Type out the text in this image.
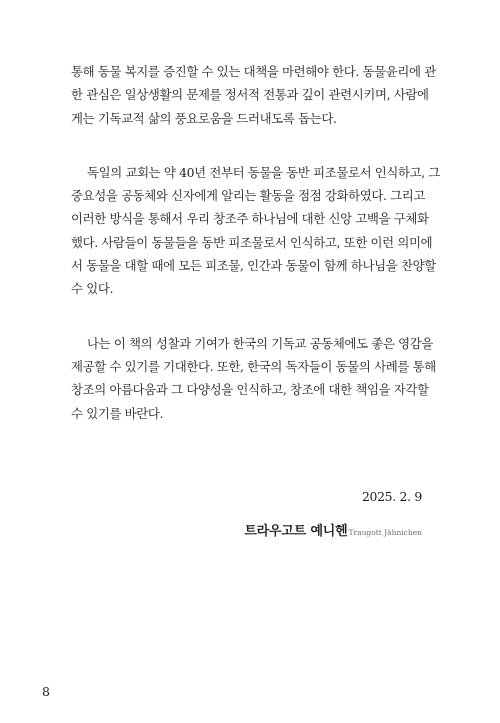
통해 동물 복지를 증진할 수 있는 대책을 마련해야 한다. 동물윤리에 관
한 관심은 일상생활의 문제를 정서적 전통과 깊이 관련시키며, 사람에
게는 기독교적 삶의 풍요로움을 드러내도록 돕는다.
독일의 교회는 약 40년 전부터 동물을 동반 피조물로서 인식하고, 그
중요성을 공동체와 신자에게 알리는 활동을 점점 강화하였다. 그리고
이러한 방식을 통해서 우리 창조주 하나님에 대한 신앙 고백을 구체화
했다. 사람들이 동물들을 동반 피조물로서 인식하고, 또한 이런 의미에
서 동물을 대할 때에 모든 피조물, 인간과 동물이 함께 하나님을 찬양할
수 있다.
나는 이 책의 성찰과 기여가 한국의 기독교 공동체에도 좋은 영감을
제공할 수 있기를 기대한다. 또한, 한국의 독자들이 동물의 사례를 통해
창조의 아름다움과 그 다양성을 인식하고, 창조에 대한 책임을 자각할
수 있기를 바란다.
2025. 2. 9
트라우고트 예니헨Traugott Jähnichen
8
